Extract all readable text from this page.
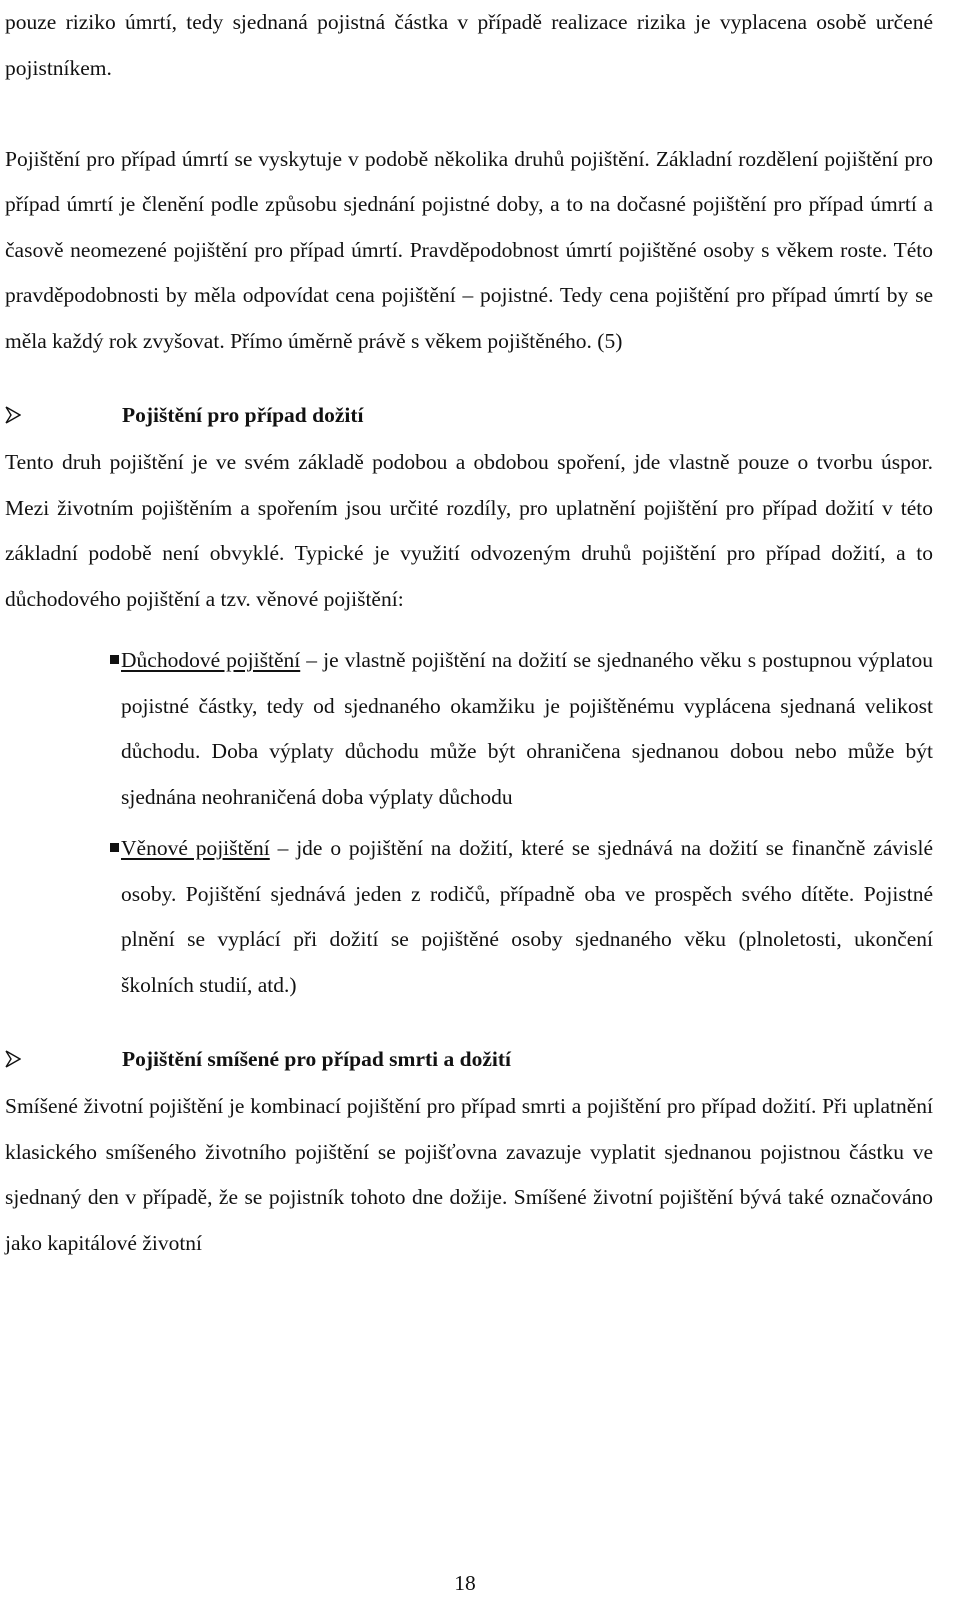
pouze riziko úmrtí, tedy sjednaná pojistná částka v případě realizace rizika je vyplacena osobě určené pojistníkem.

Pojištění pro případ úmrtí se vyskytuje v podobě několika druhů pojištění. Základní rozdělení pojištění pro případ úmrtí je členění podle způsobu sjednání pojistné doby, a to na dočasné pojištění pro případ úmrtí a časově neomezené pojištění pro případ úmrtí. Pravděpodobnost úmrtí pojištěné osoby s věkem roste. Této pravděpodobnosti by měla odpovídat cena pojištění – pojistné. Tedy cena pojištění pro případ úmrtí by se měla každý rok zvyšovat. Přímo úměrně právě s věkem pojištěného. (5)

Pojištění pro případ dožití

Tento druh pojištění je ve svém základě podobou a obdobou spoření, jde vlastně pouze o tvorbu úspor. Mezi životním pojištěním a spořením jsou určité rozdíly, pro uplatnění pojištění pro případ dožití v této základní podobě není obvyklé. Typické je využití odvozeným druhů pojištění pro případ dožití, a to důchodového pojištění a tzv. věnové pojištění:

Důchodové pojištění – je vlastně pojištění na dožití se sjednaného věku s postupnou výplatou pojistné částky, tedy od sjednaného okamžiku je pojištěnému vyplácena sjednaná velikost důchodu. Doba výplaty důchodu může být ohraničena sjednanou dobou nebo může být sjednána neohraničená doba výplaty důchodu

Věnové pojištění – jde o pojištění na dožití, které se sjednává na dožití se finančně závislé osoby. Pojištění sjednává jeden z rodičů, případně oba ve prospěch svého dítěte. Pojistné plnění se vyplácí při dožití se pojištěné osoby sjednaného věku (plnoletosti, ukončení školních studií, atd.)

Pojištění smíšené pro případ smrti a dožití

Smíšené životní pojištění je kombinací pojištění pro případ smrti a pojištění pro případ dožití. Při uplatnění klasického smíšeného životního pojištění se pojišťovna zavazuje vyplatit sjednanou pojistnou částku ve sjednaný den v případě, že se pojistník tohoto dne dožije. Smíšené životní pojištění bývá také označováno jako kapitálové životní

18
